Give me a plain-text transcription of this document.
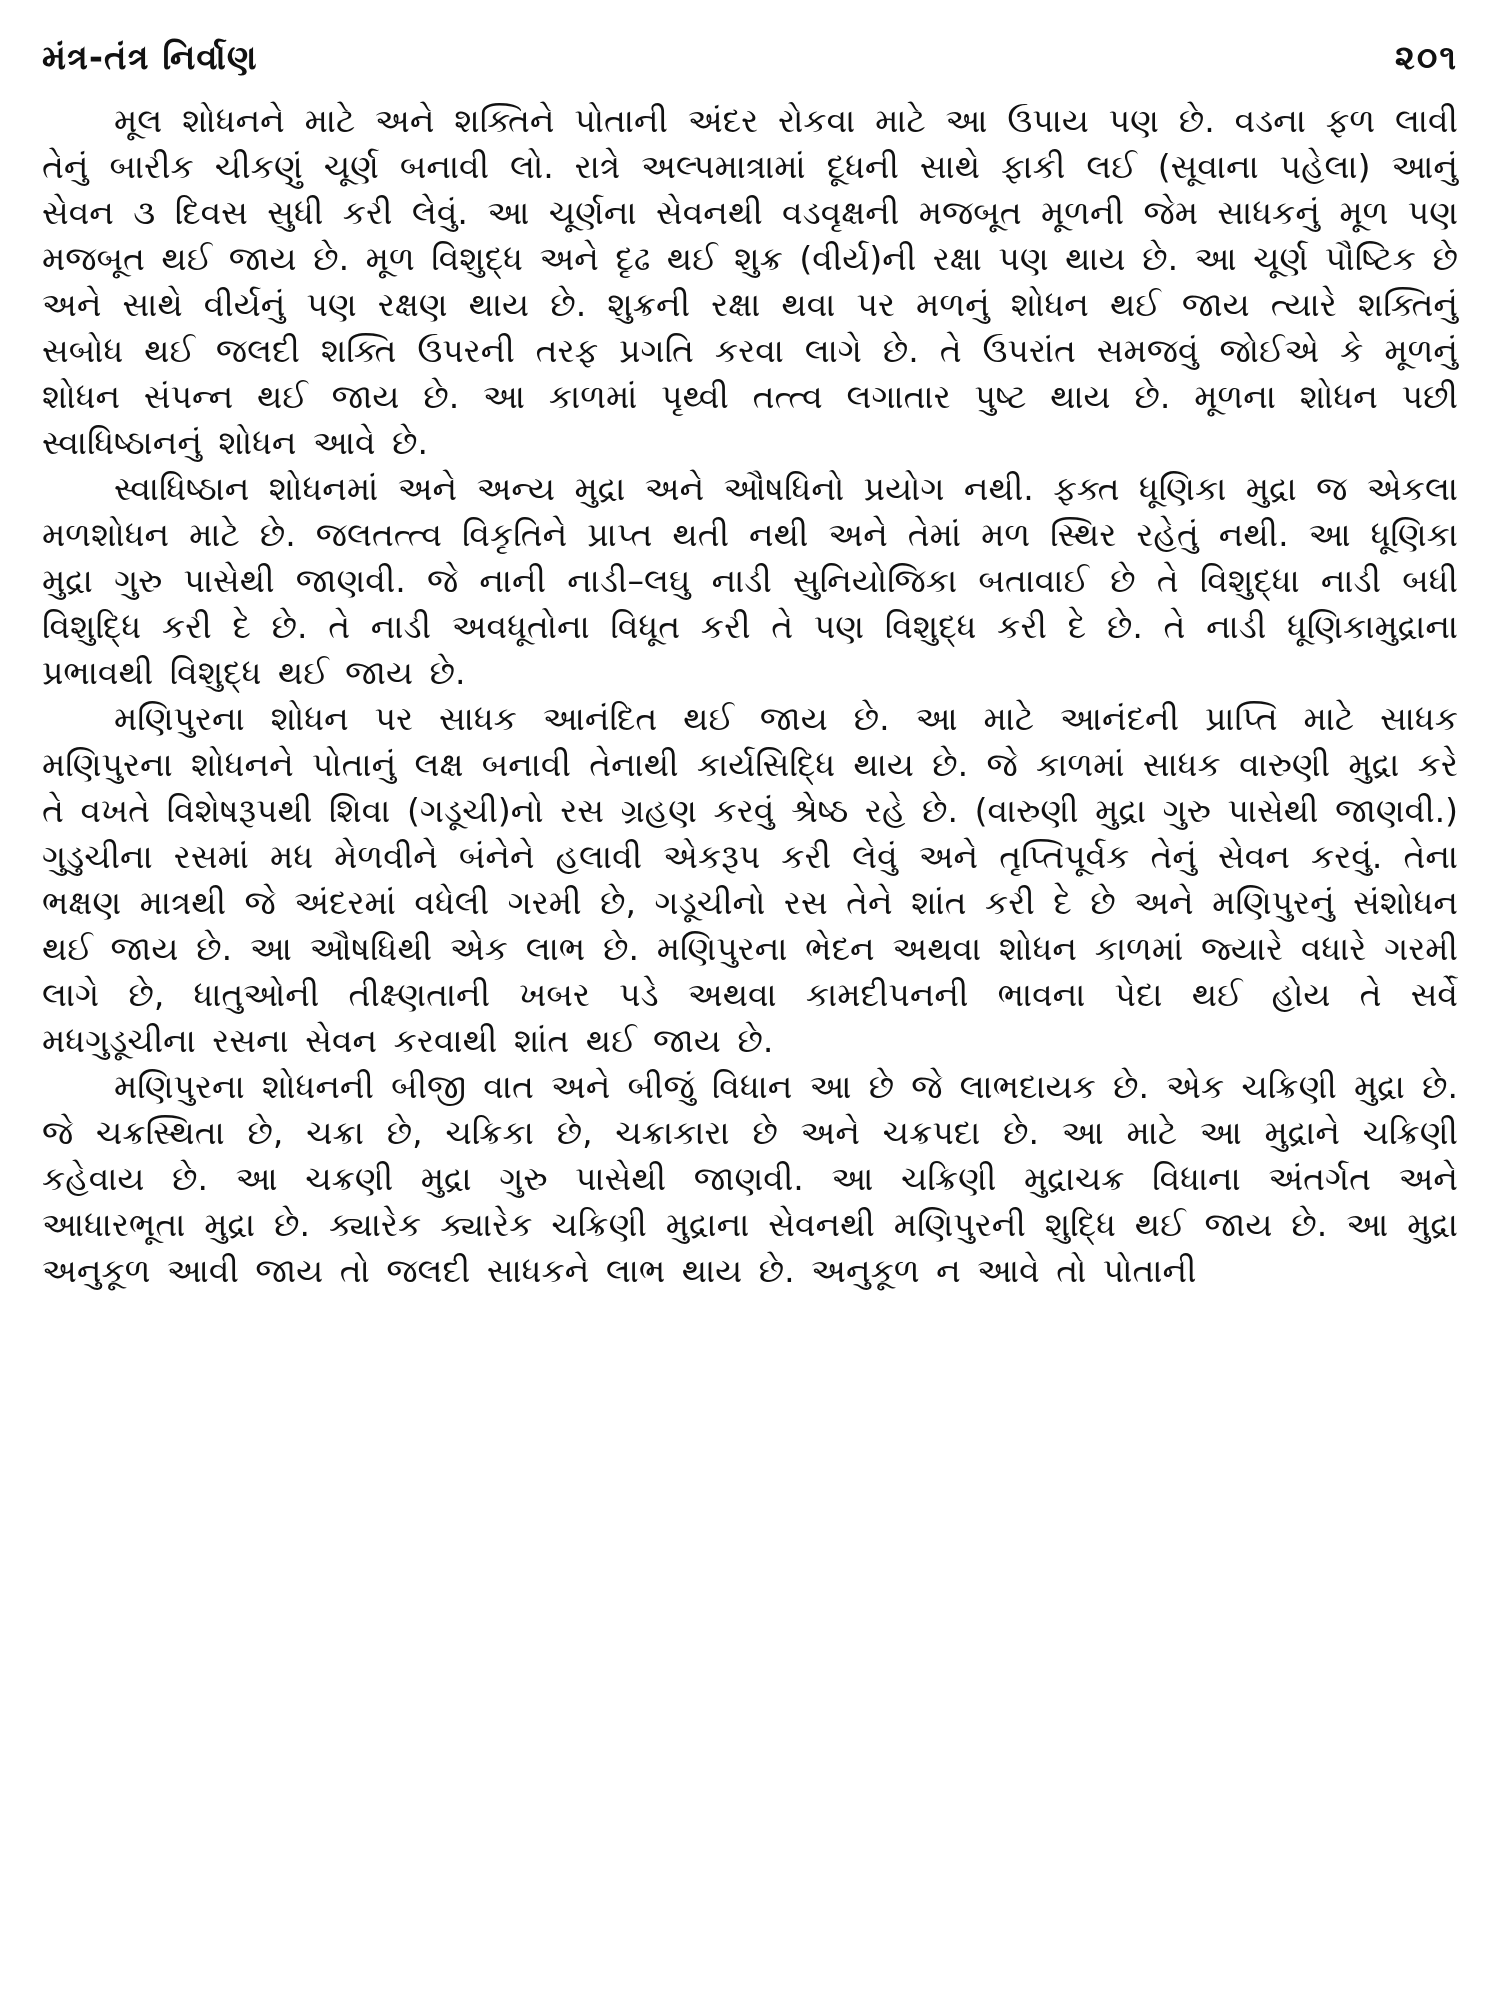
મંત્ર-તંત્ર નિર્વાણ	૨૦૧

મૂલ શોધનને માટે અને શક્તિને પોતાની અંદર રોકવા માટે આ ઉપાય પણ છે. વડના ફળ લાવી તેનું બારીક ચીકણું ચૂર્ણ બનાવી લો. રાત્રે અલ્પમાત્રામાં દૂધની સાથે ફાકી લઈ (સૂવાના પહેલા) આનું સેવન ૩ દિવસ સુધી કરી લેવું. આ ચૂર્ણના સેવનથી વડવૃક્ષની મજબૂત મૂળની જેમ સાધકનું મૂળ પણ મજબૂત થઈ જાય છે. મૂળ વિશુદ્ધ અને દૃઢ થઈ શુક્ર (વીર્ય)ની રક્ષા પણ થાય છે. આ ચૂર્ણ પૌષ્ટિક છે અને સાથે વીર્યનું પણ રક્ષણ થાય છે. શુક્રની રક્ષા થવા પર મળનું શોધન થઈ જાય ત્યારે શક્તિનું સબોધ થઈ જલદી શક્તિ ઉપરની તરફ પ્રગતિ કરવા લાગે છે. તે ઉપરાંત સમજવું જોઈએ કે મૂળનું શોધન સંપન્ન થઈ જાય છે. આ કાળમાં પૃથ્વી તત્ત્વ લગાતાર પુષ્ટ થાય છે. મૂળના શોધન પછી સ્વાધિષ્ઠાનનું શોધન આવે છે.

સ્વાધિષ્ઠાન શોધનમાં અને અન્ય મુદ્રા અને ઔષધિનો પ્રયોગ નથી. ફક્ત ધૂણિકા મુદ્રા જ એકલા મળશોધન માટે છે. જલતત્ત્વ વિકૃતિને પ્રાપ્ત થતી નથી અને તેમાં મળ સ્થિર રહેતું નથી. આ ધૂણિકા મુદ્રા ગુરુ પાસેથી જાણવી. જે નાની નાડી–લઘુ નાડી સુનિયોજિકા બતાવાઈ છે તે વિશુદ્ધા નાડી બધી વિશુદ્ધિ કરી દે છે. તે નાડી અવધૂતોના વિધૂત કરી તે પણ વિશુદ્ધ કરી દે છે. તે નાડી ધૂણિકામુદ્રાના પ્રભાવથી વિશુદ્ધ થઈ જાય છે.

મણિપુરના શોધન પર સાધક આનંદિત થઈ જાય છે. આ માટે આનંદની પ્રાપ્તિ માટે સાધક મણિપુરના શોધનને પોતાનું લક્ષ બનાવી તેનાથી કાર્યસિદ્ધિ થાય છે. જે કાળમાં સાધક વારુણી મુદ્રા કરે તે વખતે વિશેષરૂપથી શિવા (ગડૂચી)નો રસ ગ્રહણ કરવું શ્રેષ્ઠ રહે છે. (વારુણી મુદ્રા ગુરુ પાસેથી જાણવી.) ગુડુચીના રસમાં મધ મેળવીને બંનેને હલાવી એકરૂપ કરી લેવું અને તૃપ્તિપૂર્વક તેનું સેવન કરવું. તેના ભક્ષણ માત્રથી જે અંદરમાં વધેલી ગરમી છે, ગડૂચીનો રસ તેને શાંત કરી દે છે અને મણિપુરનું સંશોધન થઈ જાય છે. આ ઔષધિથી એક લાભ છે. મણિપુરના ભેદન અથવા શોધન કાળમાં જ્યારે વધારે ગરમી લાગે છે, ધાતુઓની તીક્ષ્ણતાની ખબર પડે અથવા કામદીપનની ભાવના પેદા થઈ હોય તે સર્વે મધગુડૂચીના રસના સેવન કરવાથી શાંત થઈ જાય છે.

મણિપુરના શોધનની બીજી વાત અને બીજું વિધાન આ છે જે લાભદાયક છે. એક ચક્રિણી મુદ્રા છે. જે ચક્રસ્થિતા છે, ચક્રા છે, ચક્રિકા છે, ચક્રાકારા છે અને ચક્રપદા છે. આ માટે આ મુદ્રાને ચક્રિણી કહેવાય છે. આ ચક્રણી મુદ્રા ગુરુ પાસેથી જાણવી. આ ચક્રિણી મુદ્રાચક્ર વિધાના અંતર્ગત અને આધારભૂતા મુદ્રા છે. ક્યારેક ક્યારેક ચક્રિણી મુદ્રાના સેવનથી મણિપુરની શુદ્ધિ થઈ જાય છે. આ મુદ્રા અનુકૂળ આવી જાય તો જલદી સાધકને લાભ થાય છે. અનુકૂળ ન આવે તો પોતાની
